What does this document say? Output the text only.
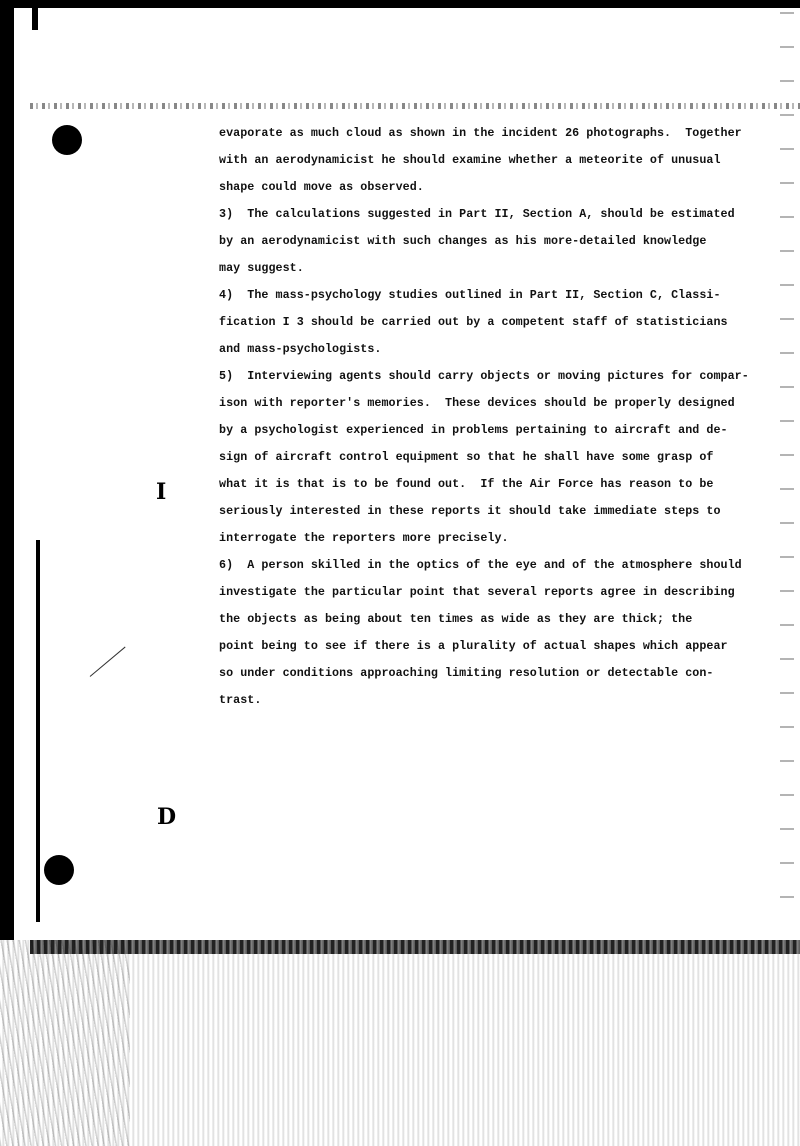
I
D
evaporate as much cloud as shown in the incident 26 photographs.  Together
with an aerodynamicist he should examine whether a meteorite of unusual
shape could move as observed.
3)  The calculations suggested in Part II, Section A, should be estimated
by an aerodynamicist with such changes as his more-detailed knowledge
may suggest.
4)  The mass-psychology studies outlined in Part II, Section C, Classi-
fication I 3 should be carried out by a competent staff of statisticians
and mass-psychologists.
5)  Interviewing agents should carry objects or moving pictures for compar-
ison with reporter's memories.  These devices should be properly designed
by a psychologist experienced in problems pertaining to aircraft and de-
sign of aircraft control equipment so that he shall have some grasp of
what it is that is to be found out.  If the Air Force has reason to be
seriously interested in these reports it should take immediate steps to
interrogate the reporters more precisely.
6)  A person skilled in the optics of the eye and of the atmosphere should
investigate the particular point that several reports agree in describing
the objects as being about ten times as wide as they are thick; the
point being to see if there is a plurality of actual shapes which appear
so under conditions approaching limiting resolution or detectable con-
trast.
